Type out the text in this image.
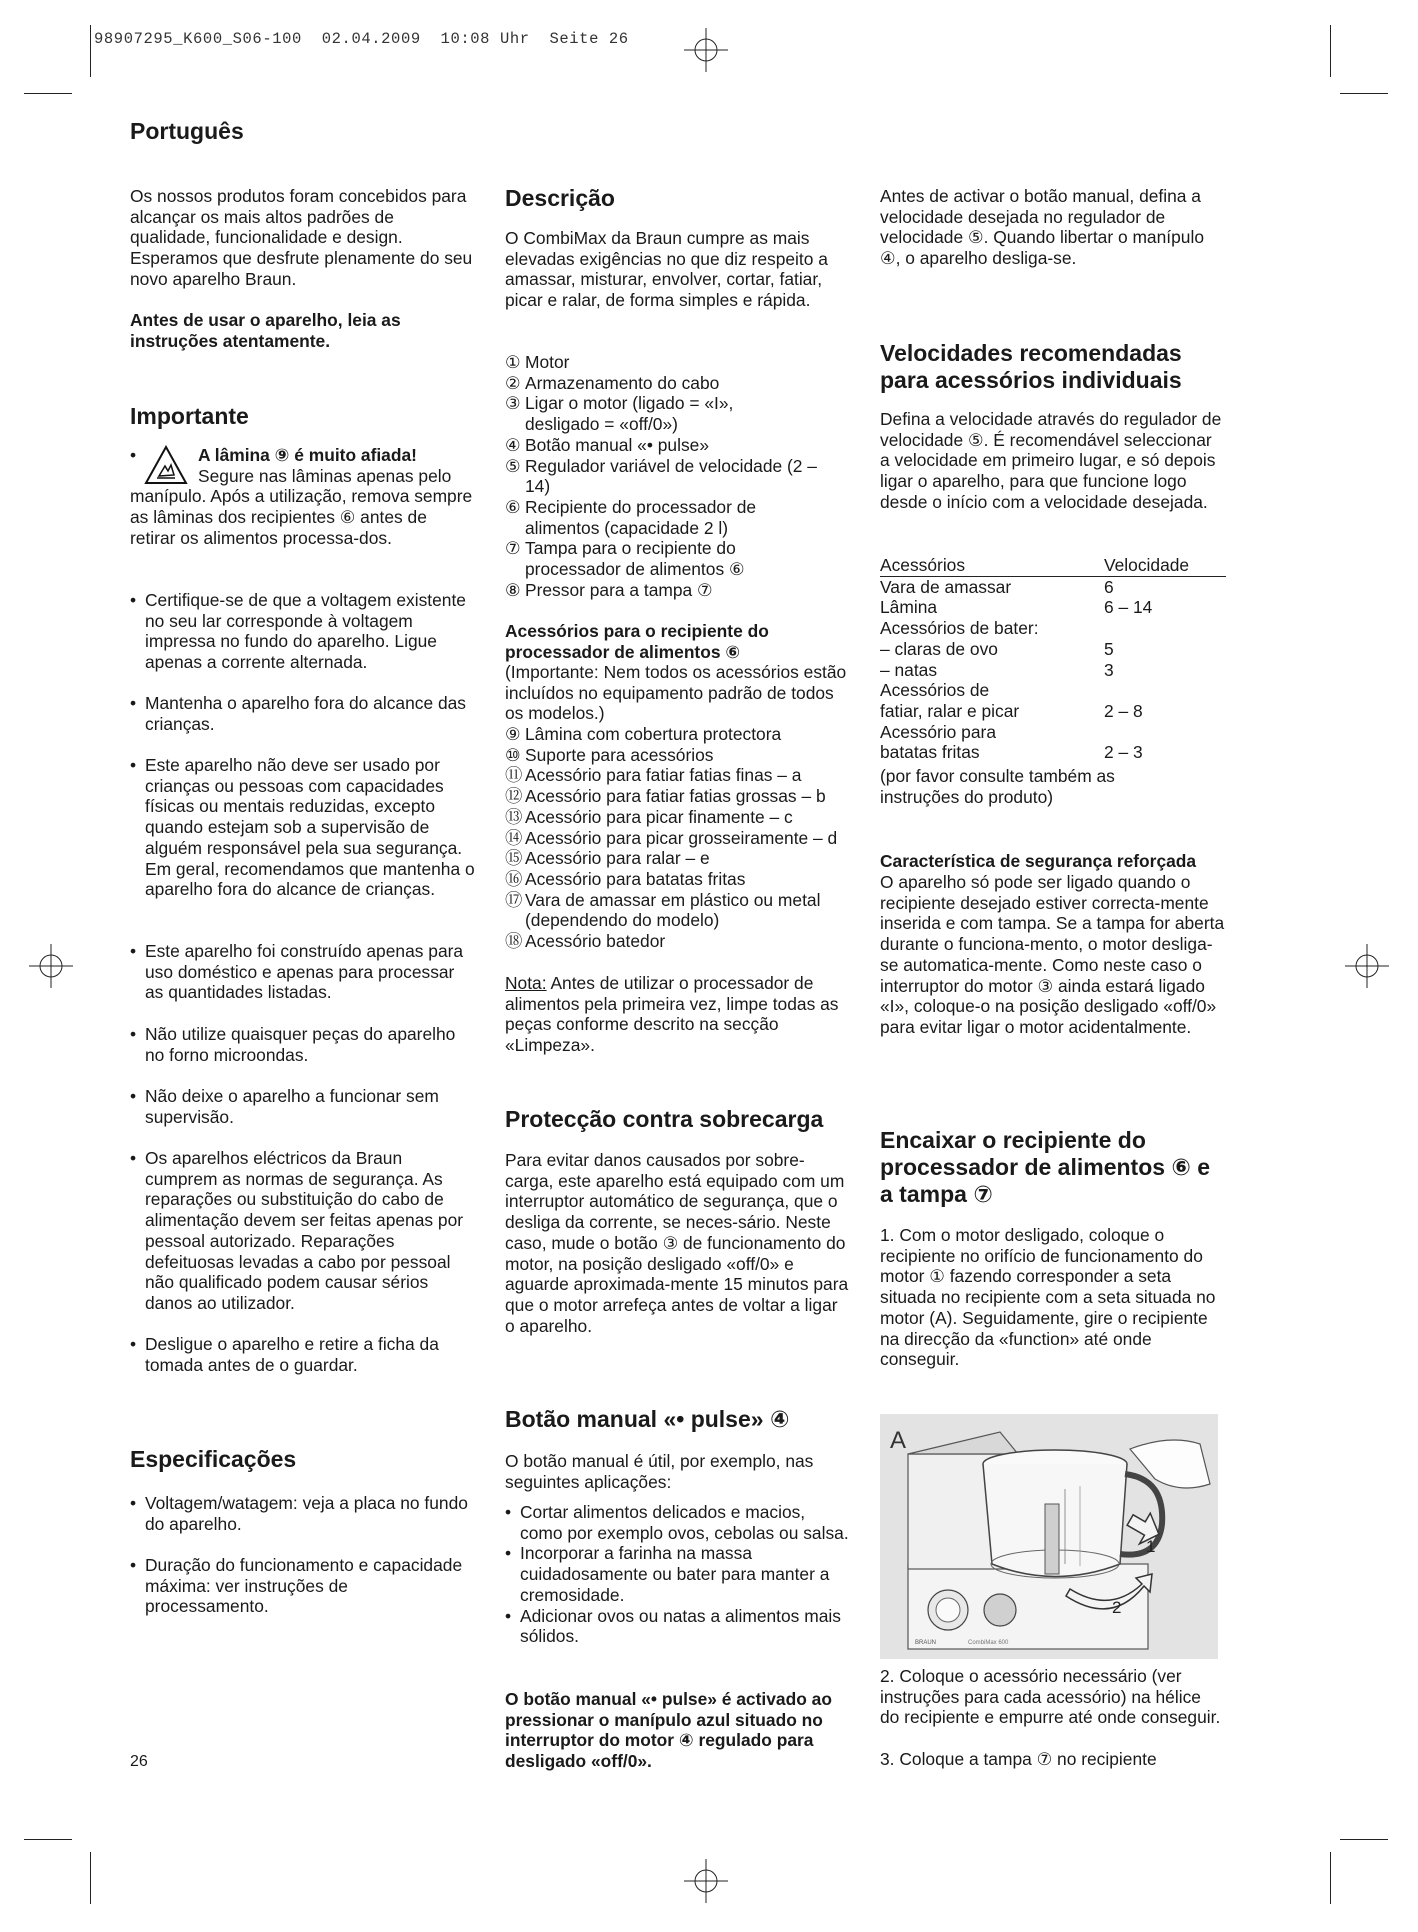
98907295_K600_S06-100  02.04.2009  10:08 Uhr  Seite 26
Português

Os nossos produtos foram concebidos para alcançar os mais altos padrões de qualidade, funcionalidade e design. Esperamos que desfrute plenamente do seu novo aparelho Braun.

Antes de usar o aparelho, leia as instruções atentamente.

Importante
•	A lâmina ⑨ é muito afiada!

Segure nas lâminas apenas pelo manípulo. Após a utilização, remova sempre as lâminas dos recipientes ⑥ antes de retirar os alimentos processa-dos.

• Certifique-se de que a voltagem existente no seu lar corresponde à voltagem impressa no fundo do aparelho. Ligue apenas a corrente alternada.
• Mantenha o aparelho fora do alcance das crianças.
• Este aparelho não deve ser usado por crianças ou pessoas com capacidades físicas ou mentais reduzidas, excepto quando estejam sob a supervisão de alguém responsável pela sua segurança. Em geral, recomendamos que mantenha o aparelho fora do alcance de crianças.
• Este aparelho foi construído apenas para uso doméstico e apenas para processar as quantidades listadas.
• Não utilize quaisquer peças do aparelho no forno microondas.
• Não deixe o aparelho a funcionar sem supervisão.
• Os aparelhos eléctricos da Braun cumprem as normas de segurança. As reparações ou substituição do cabo de alimentação devem ser feitas apenas por pessoal autorizado. Reparações defeituosas levadas a cabo por pessoal não qualificado podem causar sérios danos ao utilizador.
• Desligue o aparelho e retire a ficha da tomada antes de o guardar.
Especificações
• Voltagem/watagem: veja a placa no fundo do aparelho.
• Duração do funcionamento e capacidade máxima: ver instruções de processamento.
Descrição

O CombiMax da Braun cumpre as mais elevadas exigências no que diz respeito a amassar, misturar, envolver, cortar, fatiar, picar e ralar, de forma simples e rápida.

① Motor
② Armazenamento do cabo
③ Ligar o motor (ligado = «I», desligado = «off/0»)
④ Botão manual «• pulse»
⑤ Regulador variável de velocidade (2 – 14)
⑥ Recipiente do processador de alimentos (capacidade 2 l)
⑦ Tampa para o recipiente do processador de alimentos ⑥
⑧ Pressor para a tampa ⑦
Acessórios para o recipiente do processador de alimentos ⑥

(Importante: Nem todos os acessórios estão incluídos no equipamento padrão de todos os modelos.)

⑨ Lâmina com cobertura protectora
⑩ Suporte para acessórios
⑪ Acessório para fatiar fatias finas – a
⑫ Acessório para fatiar fatias grossas – b
⑬ Acessório para picar finamente – c
⑭ Acessório para picar grosseiramente – d
⑮ Acessório para ralar – e
⑯ Acessório para batatas fritas
⑰ Vara de amassar em plástico ou metal (dependendo do modelo)
⑱ Acessório batedor

Nota: Antes de utilizar o processador de alimentos pela primeira vez, limpe todas as peças conforme descrito na secção «Limpeza».

Protecção contra sobrecarga

Para evitar danos causados por sobre-carga, este aparelho está equipado com um interruptor automático de segurança, que o desliga da corrente, se neces-sário. Neste caso, mude o botão ③ de funcionamento do motor, na posição desligado «off/0» e aguarde aproximada-mente 15 minutos para que o motor arrefeça antes de voltar a ligar o aparelho.

Botão manual «• pulse» ④

O botão manual é útil, por exemplo, nas seguintes aplicações:

• Cortar alimentos delicados e macios, como por exemplo ovos, cebolas ou salsa.
• Incorporar a farinha na massa cuidadosamente ou bater para manter a cremosidade.
• Adicionar ovos ou natas a alimentos mais sólidos.

O botão manual «• pulse» é activado ao pressionar o manípulo azul situado no interruptor do motor ④ regulado para desligado «off/0».

Antes de activar o botão manual, defina a velocidade desejada no regulador de velocidade ⑤. Quando libertar o manípulo ④, o aparelho desliga-se.

Velocidades recomendadas para acessórios individuais

Defina a velocidade através do regulador de velocidade ⑤. É recomendável seleccionar a velocidade em primeiro lugar, e só depois ligar o aparelho, para que funcione logo desde o início com a velocidade desejada.

Acessórios	Velocidade
Vara de amassar	6
Lâmina	6 – 14
Acessórios de bater:	
– claras de ovo	5
– natas	3
Acessórios de	
fatiar, ralar e picar	2 – 8
Acessório para	
batatas fritas	2 – 3

(por favor consulte também as instruções do produto)

Característica de segurança reforçada

O aparelho só pode ser ligado quando o recipiente desejado estiver correcta-mente inserida e com tampa. Se a tampa for aberta durante o funciona-mento, o motor desliga-se automatica-mente. Como neste caso o interruptor do motor ③ ainda estará ligado «I», coloque-o na posição desligado «off/0» para evitar ligar o motor acidentalmente.

Encaixar o recipiente do processador de alimentos ⑥ e a tampa ⑦

1. Com o motor desligado, coloque o recipiente no orifício de funcionamento do motor ① fazendo corresponder a seta situada no recipiente com a seta situada no motor (A). Seguidamente, gire o recipiente na direcção da «function» até onde conseguir.

A
BRAUN	CombiMax 600
1
2

2. Coloque o acessório necessário (ver instruções para cada acessório) na hélice do recipiente e empurre até onde conseguir.

3. Coloque a tampa ⑦ no recipiente

26
